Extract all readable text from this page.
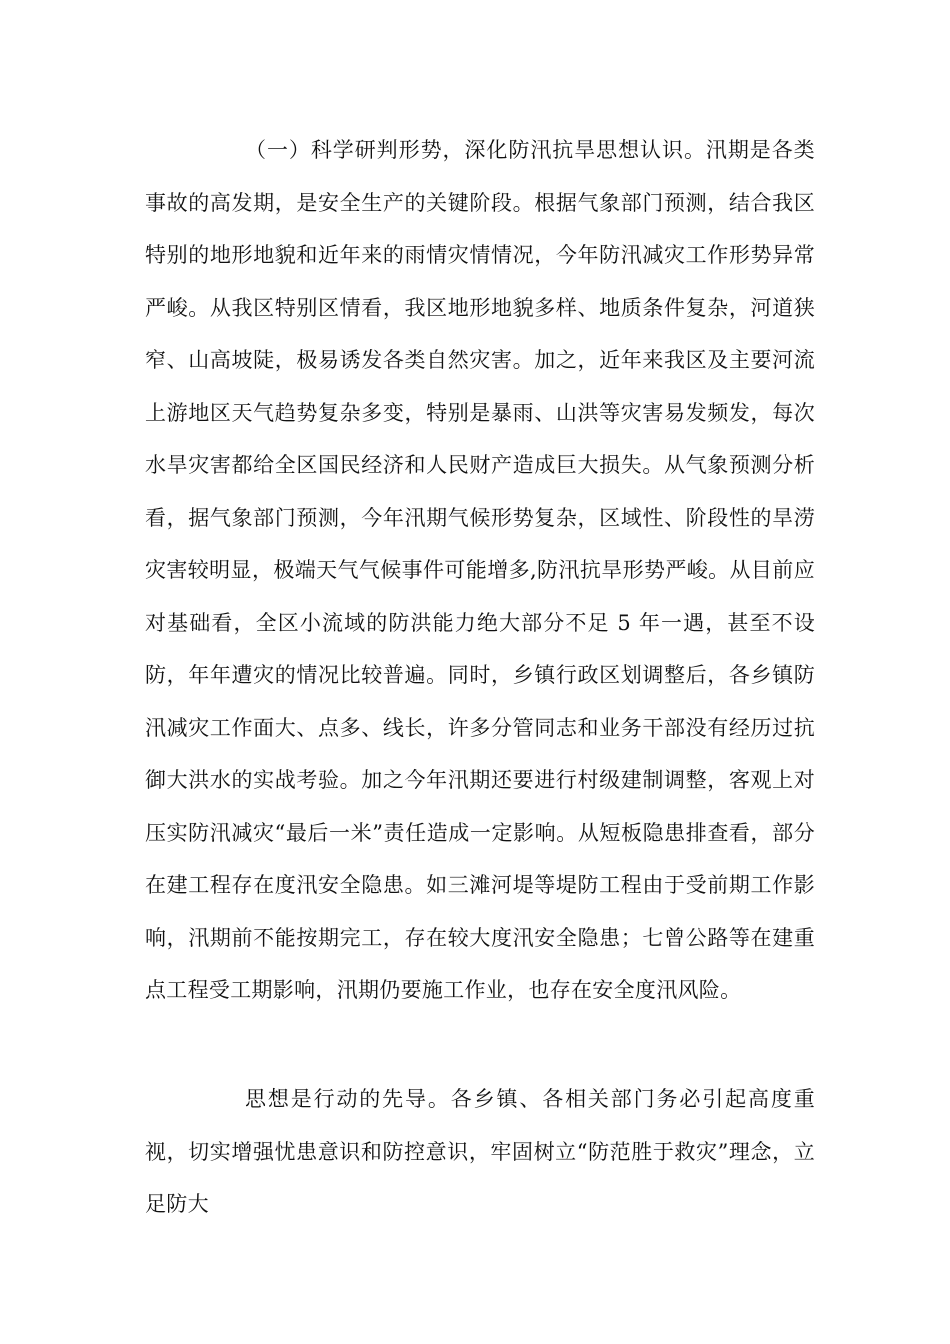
（一）科学研判形势，深化防汛抗旱思想认识。汛期是各类事故的高发期，是安全生产的关键阶段。根据气象部门预测，结合我区特别的地形地貌和近年来的雨情灾情情况，今年防汛减灾工作形势异常严峻。从我区特别区情看，我区地形地貌多样、地质条件复杂，河道狭窄、山高坡陡，极易诱发各类自然灾害。加之，近年来我区及主要河流上游地区天气趋势复杂多变，特别是暴雨、山洪等灾害易发频发，每次水旱灾害都给全区国民经济和人民财产造成巨大损失。从气象预测分析看，据气象部门预测，今年汛期气候形势复杂，区域性、阶段性的旱涝灾害较明显，极端天气气候事件可能增多,防汛抗旱形势严峻。从目前应对基础看，全区小流域的防洪能力绝大部分不足 5 年一遇，甚至不设防，年年遭灾的情况比较普遍。同时，乡镇行政区划调整后，各乡镇防汛减灾工作面大、点多、线长，许多分管同志和业务干部没有经历过抗御大洪水的实战考验。加之今年汛期还要进行村级建制调整，客观上对压实防汛减灾“最后一米”责任造成一定影响。从短板隐患排查看，部分在建工程存在度汛安全隐患。如三滩河堤等堤防工程由于受前期工作影响，汛期前不能按期完工，存在较大度汛安全隐患；七曾公路等在建重点工程受工期影响，汛期仍要施工作业，也存在安全度汛风险。

思想是行动的先导。各乡镇、各相关部门务必引起高度重视，切实增强忧患意识和防控意识，牢固树立“防范胜于救灾”理念，立足防大
